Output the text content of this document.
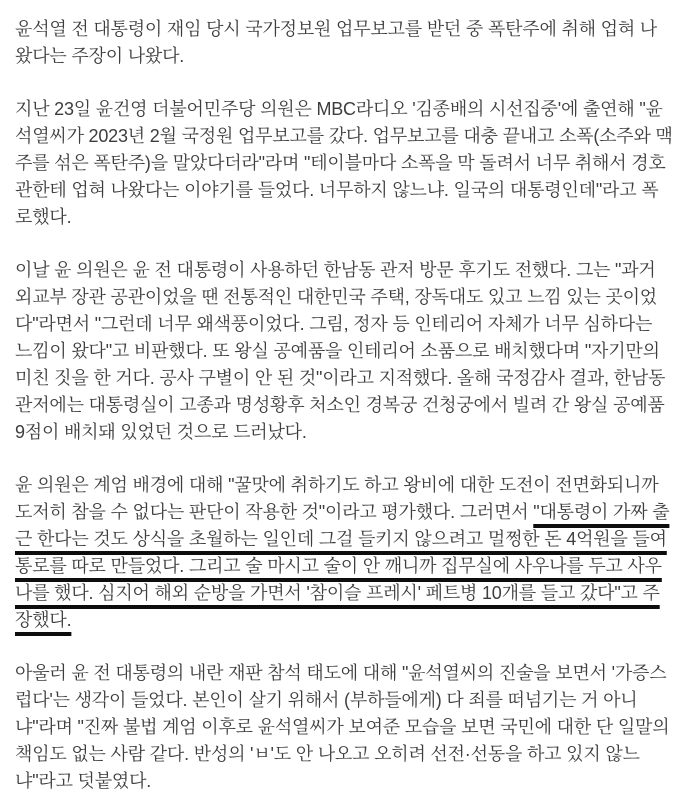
윤석열 전 대통령이 재임 당시 국가정보원 업무보고를 받던 중 폭탄주에 취해 업혀 나왔다는 주장이 나왔다.

지난 23일 윤건영 더불어민주당 의원은 MBC라디오 '김종배의 시선집중'에 출연해 "윤석열씨가 2023년 2월 국정원 업무보고를 갔다. 업무보고를 대충 끝내고 소폭(소주와 맥주를 섞은 폭탄주)을 말았다더라"라며 "테이블마다 소폭을 막 돌려서 너무 취해서 경호관한테 업혀 나왔다는 이야기를 들었다. 너무하지 않느냐. 일국의 대통령인데"라고 폭로했다.

이날 윤 의원은 윤 전 대통령이 사용하던 한남동 관저 방문 후기도 전했다. 그는 "과거 외교부 장관 공관이었을 땐 전통적인 대한민국 주택, 장독대도 있고 느낌 있는 곳이었다"라면서 "그런데 너무 왜색풍이었다. 그림, 정자 등 인테리어 자체가 너무 심하다는 느낌이 왔다"고 비판했다. 또 왕실 공예품을 인테리어 소품으로 배치했다며 "자기만의 미친 짓을 한 거다. 공사 구별이 안 된 것"이라고 지적했다. 올해 국정감사 결과, 한남동 관저에는 대통령실이 고종과 명성황후 처소인 경복궁 건청궁에서 빌려 간 왕실 공예품 9점이 배치돼 있었던 것으로 드러났다.

윤 의원은 계엄 배경에 대해 "꿀맛에 취하기도 하고 왕비에 대한 도전이 전면화되니까 도저히 참을 수 없다는 판단이 작용한 것"이라고 평가했다. 그러면서 "대통령이 가짜 출근 한다는 것도 상식을 초월하는 일인데 그걸 들키지 않으려고 멀쩡한 돈 4억원을 들여 통로를 따로 만들었다. 그리고 술 마시고 술이 안 깨니까 집무실에 사우나를 두고 사우나를 했다. 심지어 해외 순방을 가면서 '참이슬 프레시' 페트병 10개를 들고 갔다"고 주장했다.

아울러 윤 전 대통령의 내란 재판 참석 태도에 대해 "윤석열씨의 진술을 보면서 '가증스럽다'는 생각이 들었다. 본인이 살기 위해서 (부하들에게) 다 죄를 떠넘기는 거 아니냐"라며 "진짜 불법 계엄 이후로 윤석열씨가 보여준 모습을 보면 국민에 대한 단 일말의 책임도 없는 사람 같다. 반성의 'ㅂ'도 안 나오고 오히려 선전·선동을 하고 있지 않느냐"라고 덧붙였다.
